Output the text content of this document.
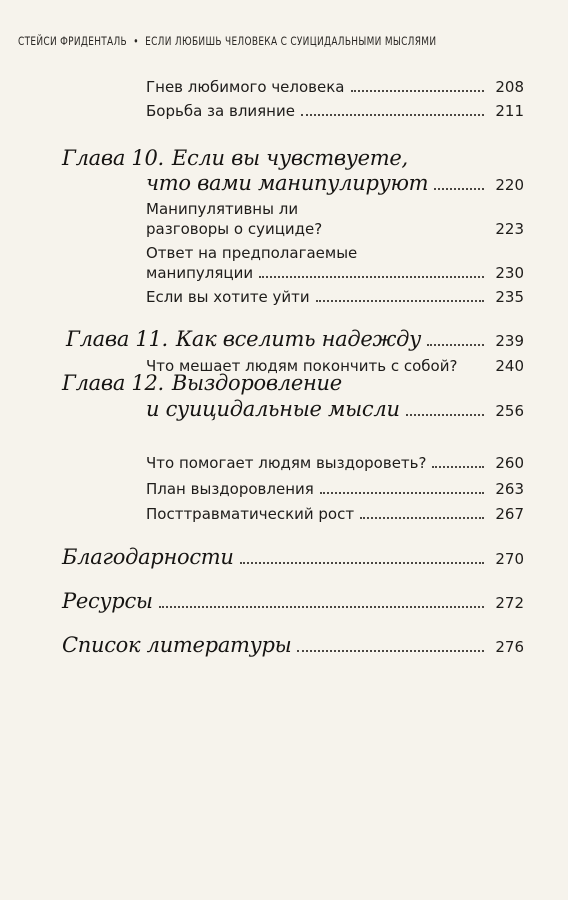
СТЕЙСИ ФРИДЕНТАЛЬ • ЕСЛИ ЛЮБИШЬ ЧЕЛОВЕКА С СУИЦИДАЛЬНЫМИ МЫСЛЯМИ
Гнев любимого человека	208
Борьба за влияние	211
Глава 10. Если вы чувствуете,
что вами манипулируют	220
Манипулятивны ли
разговоры о суициде?	223
Ответ на предполагаемые
манипуляции	230
Если вы хотите уйти	235
Глава 11. Как вселить надежду	239
Что мешает людям покончить с собой?	240
Глава 12. Выздоровление
и суицидальные мысли	256
Что помогает людям выздороветь?	260
План выздоровления	263
Посттравматический рост	267
Благодарности	270
Ресурсы	272
Список литературы	276
